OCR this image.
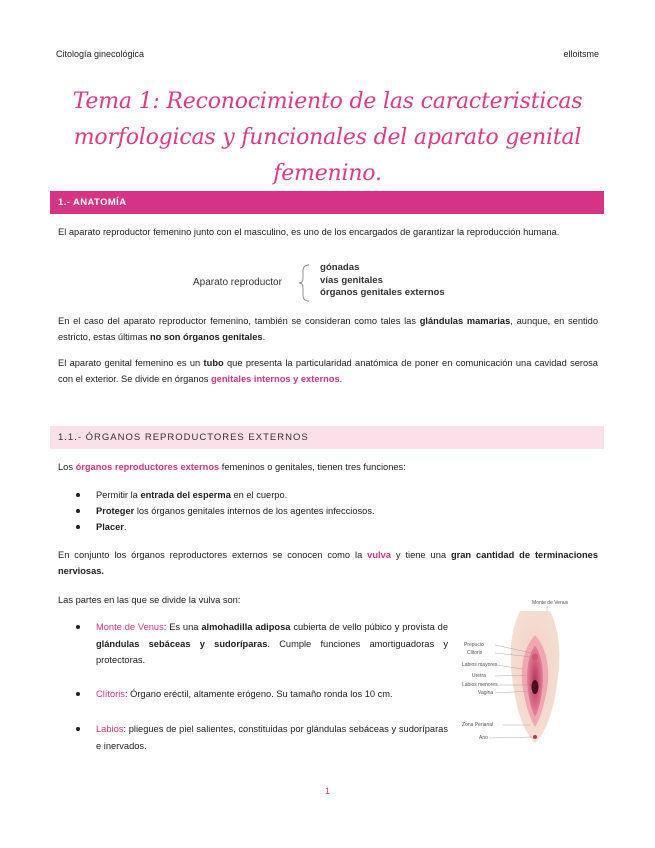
Citología ginecológica	elloitsme
Tema 1: Reconocimiento de las caracteristicas
morfologicas y funcionales del aparato genital femenino.
1.- ANATOMÍA
El aparato reproductor femenino junto con el masculino, es uno de los encargados de garantizar la reproducción humana.
Aparato reproductor
gónadas
vías genitales
órganos genitales externos
En el caso del aparato reproductor femenino, también se consideran como tales las glándulas mamarias, aunque, en sentido estricto, estas últimas no son órganos genitales.
El aparato genital femenino es un tubo que presenta la particularidad anatómica de poner en comunicación una cavidad serosa con el exterior. Se divide en órganos genitales internos y externos.
1.1.- ÓRGANOS REPRODUCTORES EXTERNOS
Los órganos reproductores externos femeninos o genitales, tienen tres funciones:
Permitir la entrada del esperma en el cuerpo.
Proteger los órganos genitales internos de los agentes infecciosos.
Placer.
En conjunto los órganos reproductores externos se conocen como la vulva y tiene una gran cantidad de terminaciones nerviosas.
Las partes en las que se divide la vulva son:
Monte de Venus: Es una almohadilla adiposa cubierta de vello púbico y provista de glándulas sebáceas y sudoríparas. Cumple funciones amortiguadoras y protectoras.
Clítoris: Órgano eréctil, altamente erógeno. Su tamaño ronda los 10 cm.
Labios: pliegues de piel salientes, constituidas por glándulas sebáceas y sudoríparas e inervados.
Monte de Venus
Prepucio
Clitoris
Labios mayores
Uretra
Labios menores
Vagina
Zona Perianal
Ano
1
